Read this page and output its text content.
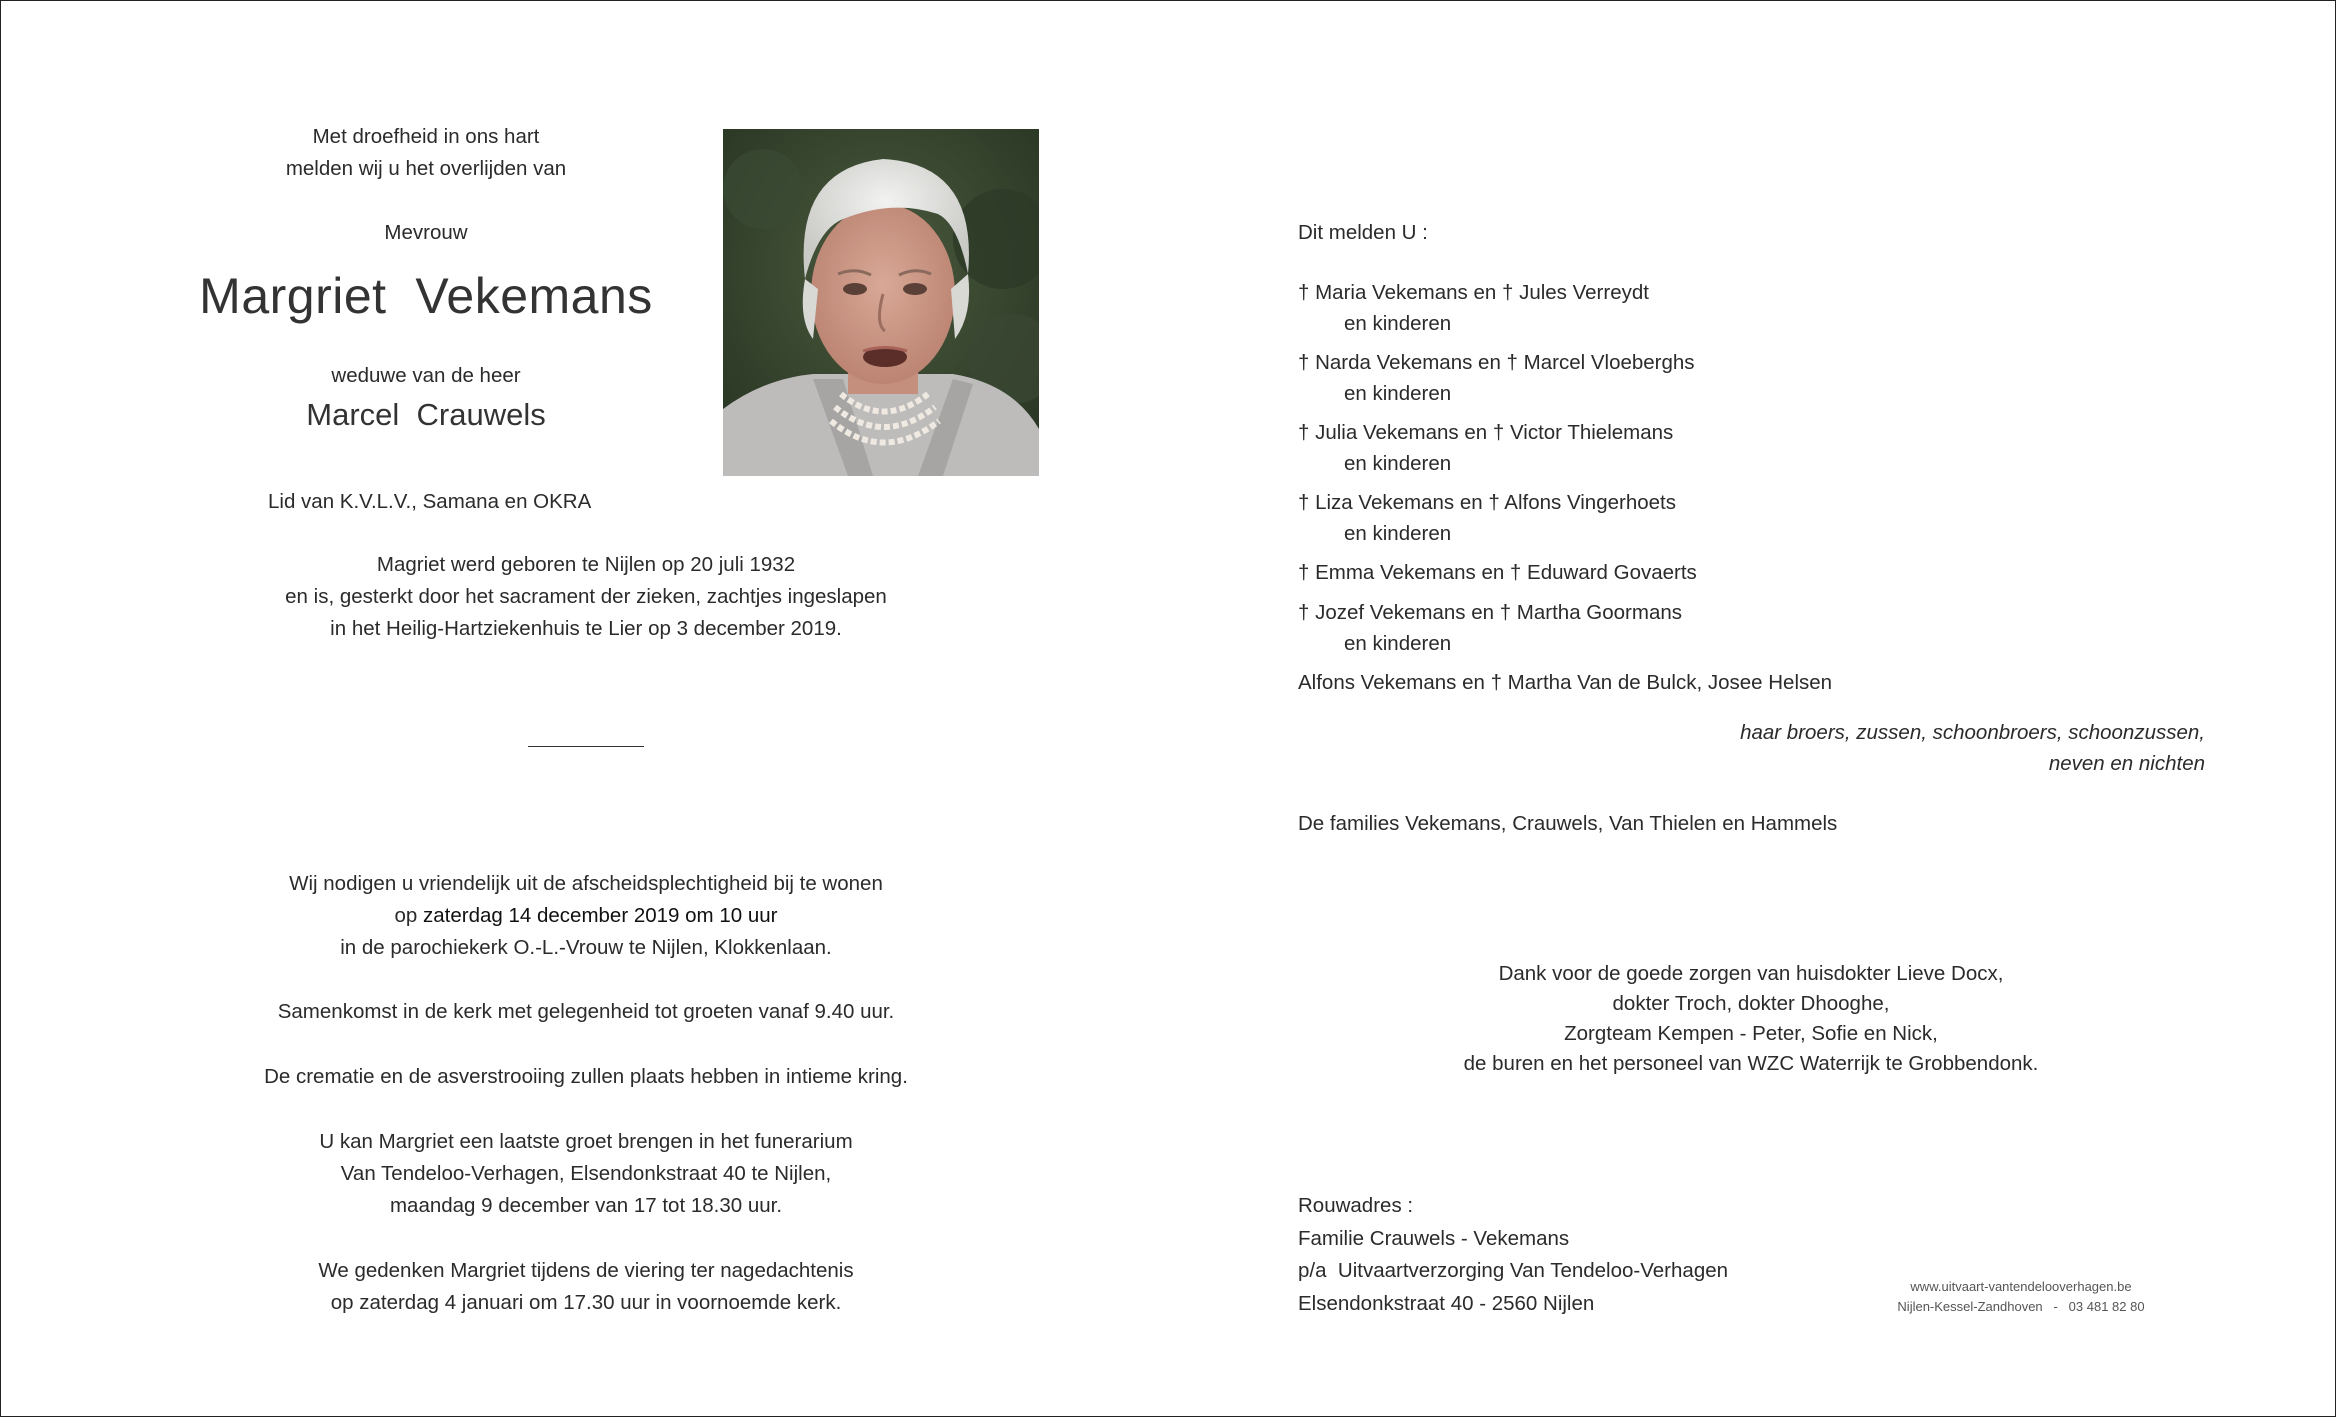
Met droefheid in ons hart
melden wij u het overlijden van
Mevrouw
Margriet  Vekemans
weduwe van de heer
Marcel  Crauwels
Lid van K.V.L.V., Samana en OKRA
Magriet werd geboren te Nijlen op 20 juli 1932
en is, gesterkt door het sacrament der zieken, zachtjes ingeslapen
in het Heilig-Hartziekenhuis te Lier op 3 december 2019.
Wij nodigen u vriendelijk uit de afscheidsplechtigheid bij te wonen
op zaterdag 14 december 2019 om 10 uur
in de parochiekerk O.-L.-Vrouw te Nijlen, Klokkenlaan.
Samenkomst in de kerk met gelegenheid tot groeten vanaf 9.40 uur.
De crematie en de asverstrooiing zullen plaats hebben in intieme kring.
U kan Margriet een laatste groet brengen in het funerarium
Van Tendeloo-Verhagen, Elsendonkstraat 40 te Nijlen,
maandag 9 december van 17 tot 18.30 uur.
We gedenken Margriet tijdens de viering ter nagedachtenis
op zaterdag 4 januari om 17.30 uur in voornoemde kerk.
Dit melden U :
† Maria Vekemans en † Jules Verreydt
en kinderen
† Narda Vekemans en † Marcel Vloeberghs
en kinderen
† Julia Vekemans en † Victor Thielemans
en kinderen
† Liza Vekemans en † Alfons Vingerhoets
en kinderen
† Emma Vekemans en † Eduward Govaerts
† Jozef Vekemans en † Martha Goormans
en kinderen
Alfons Vekemans en † Martha Van de Bulck, Josee Helsen
haar broers, zussen, schoonbroers, schoonzussen,
neven en nichten
De families Vekemans, Crauwels, Van Thielen en Hammels
Dank voor de goede zorgen van huisdokter Lieve Docx,
dokter Troch, dokter Dhooghe,
Zorgteam Kempen - Peter, Sofie en Nick,
de buren en het personeel van WZC Waterrijk te Grobbendonk.
Rouwadres :
Familie Crauwels - Vekemans
p/a  Uitvaartverzorging Van Tendeloo-Verhagen
Elsendonkstraat 40 - 2560 Nijlen
www.uitvaart-vantendelooverhagen.be
Nijlen-Kessel-Zandhoven   -   03 481 82 80
